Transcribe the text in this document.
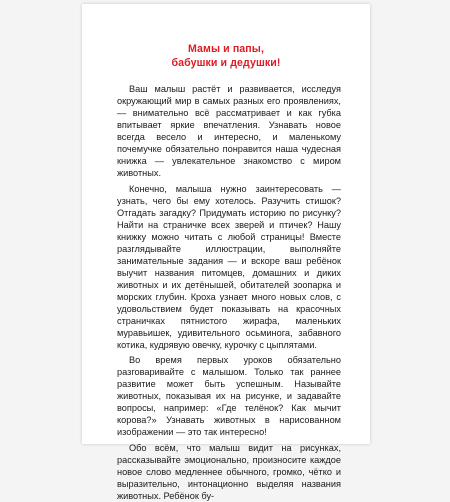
Мамы и папы,
бабушки и дедушки!

Ваш малыш растёт и развивается, исследуя окружающий мир в самых разных его проявлениях, — внимательно всё рассматривает и как губка впитывает яркие впечатления. Узнавать новое всегда весело и интересно, и маленькому почемучке обязательно понравится наша чудесная книжка — увлекательное знакомство с миром животных.

Конечно, малыша нужно заинтересовать — узнать, чего бы ему хотелось. Разучить стишок? Отгадать загадку? Придумать историю по рисунку? Найти на страничке всех зверей и птичек? Нашу книжку можно читать с любой страницы! Вместе разглядывайте иллюстрации, выполняйте занимательные задания — и вскоре ваш ребёнок выучит названия питомцев, домашних и диких животных и их детёнышей, обитателей зоопарка и морских глубин. Кроха узнает много новых слов, с удовольствием будет показывать на красочных страничках пятнистого жирафа, маленьких муравьишек, удивительного осьминога, забавного котика, кудрявую овечку, курочку с цыплятами.

Во время первых уроков обязательно разговаривайте с малышом. Только так раннее развитие может быть успешным. Называйте животных, показывая их на рисунке, и задавайте вопросы, например: «Где телёнок? Как мычит корова?» Узнавать животных в нарисованном изображении — это так интересно!

Обо всём, что малыш видит на рисунках, рассказывайте эмоционально, произносите каждое новое слово медленнее обычного, громко, чётко и выразительно, интонационно выделяя названия животных. Ребёнок бу-
